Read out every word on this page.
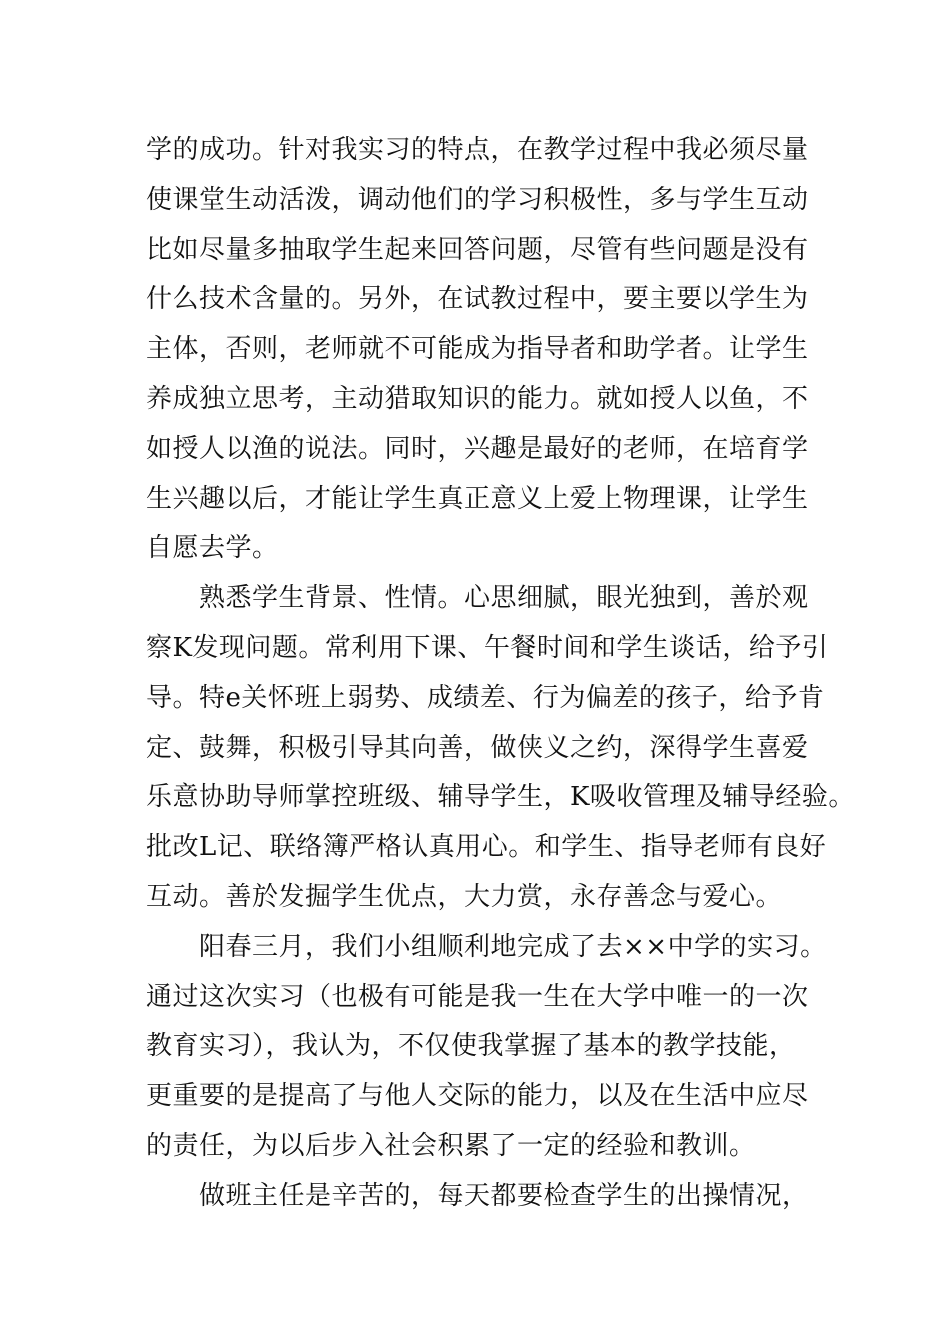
学的成功。针对我实习的特点，在教学过程中我必须尽量
使课堂生动活泼，调动他们的学习积极性，多与学生互动
比如尽量多抽取学生起来回答问题，尽管有些问题是没有
什么技术含量的。另外，在试教过程中，要主要以学生为
主体，否则，老师就不可能成为指导者和助学者。让学生
养成独立思考，主动猎取知识的能力。就如授人以鱼，不
如授人以渔的说法。同时，兴趣是最好的老师，在培育学
生兴趣以后，才能让学生真正意义上爱上物理课，让学生
自愿去学。
　　熟悉学生背景、性情。心思细腻，眼光独到，善於观
察K发现问题。常利用下课、午餐时间和学生谈话，给予引
导。特e关怀班上弱势、成绩差、行为偏差的孩子，给予肯
定、鼓舞，积极引导其向善，做侠义之约，深得学生喜爱
乐意协助导师掌控班级、辅导学生，K吸收管理及辅导经验。
批改L记、联络簿严格认真用心。和学生、指导老师有良好
互动。善於发掘学生优点，大力赏，永存善念与爱心。
　　阳春三月，我们小组顺利地完成了去××中学的实习。
通过这次实习（也极有可能是我一生在大学中唯一的一次
教育实习），我认为，不仅使我掌握了基本的教学技能，
更重要的是提高了与他人交际的能力，以及在生活中应尽
的责任，为以后步入社会积累了一定的经验和教训。
　　做班主任是辛苦的，每天都要检查学生的出操情况，
